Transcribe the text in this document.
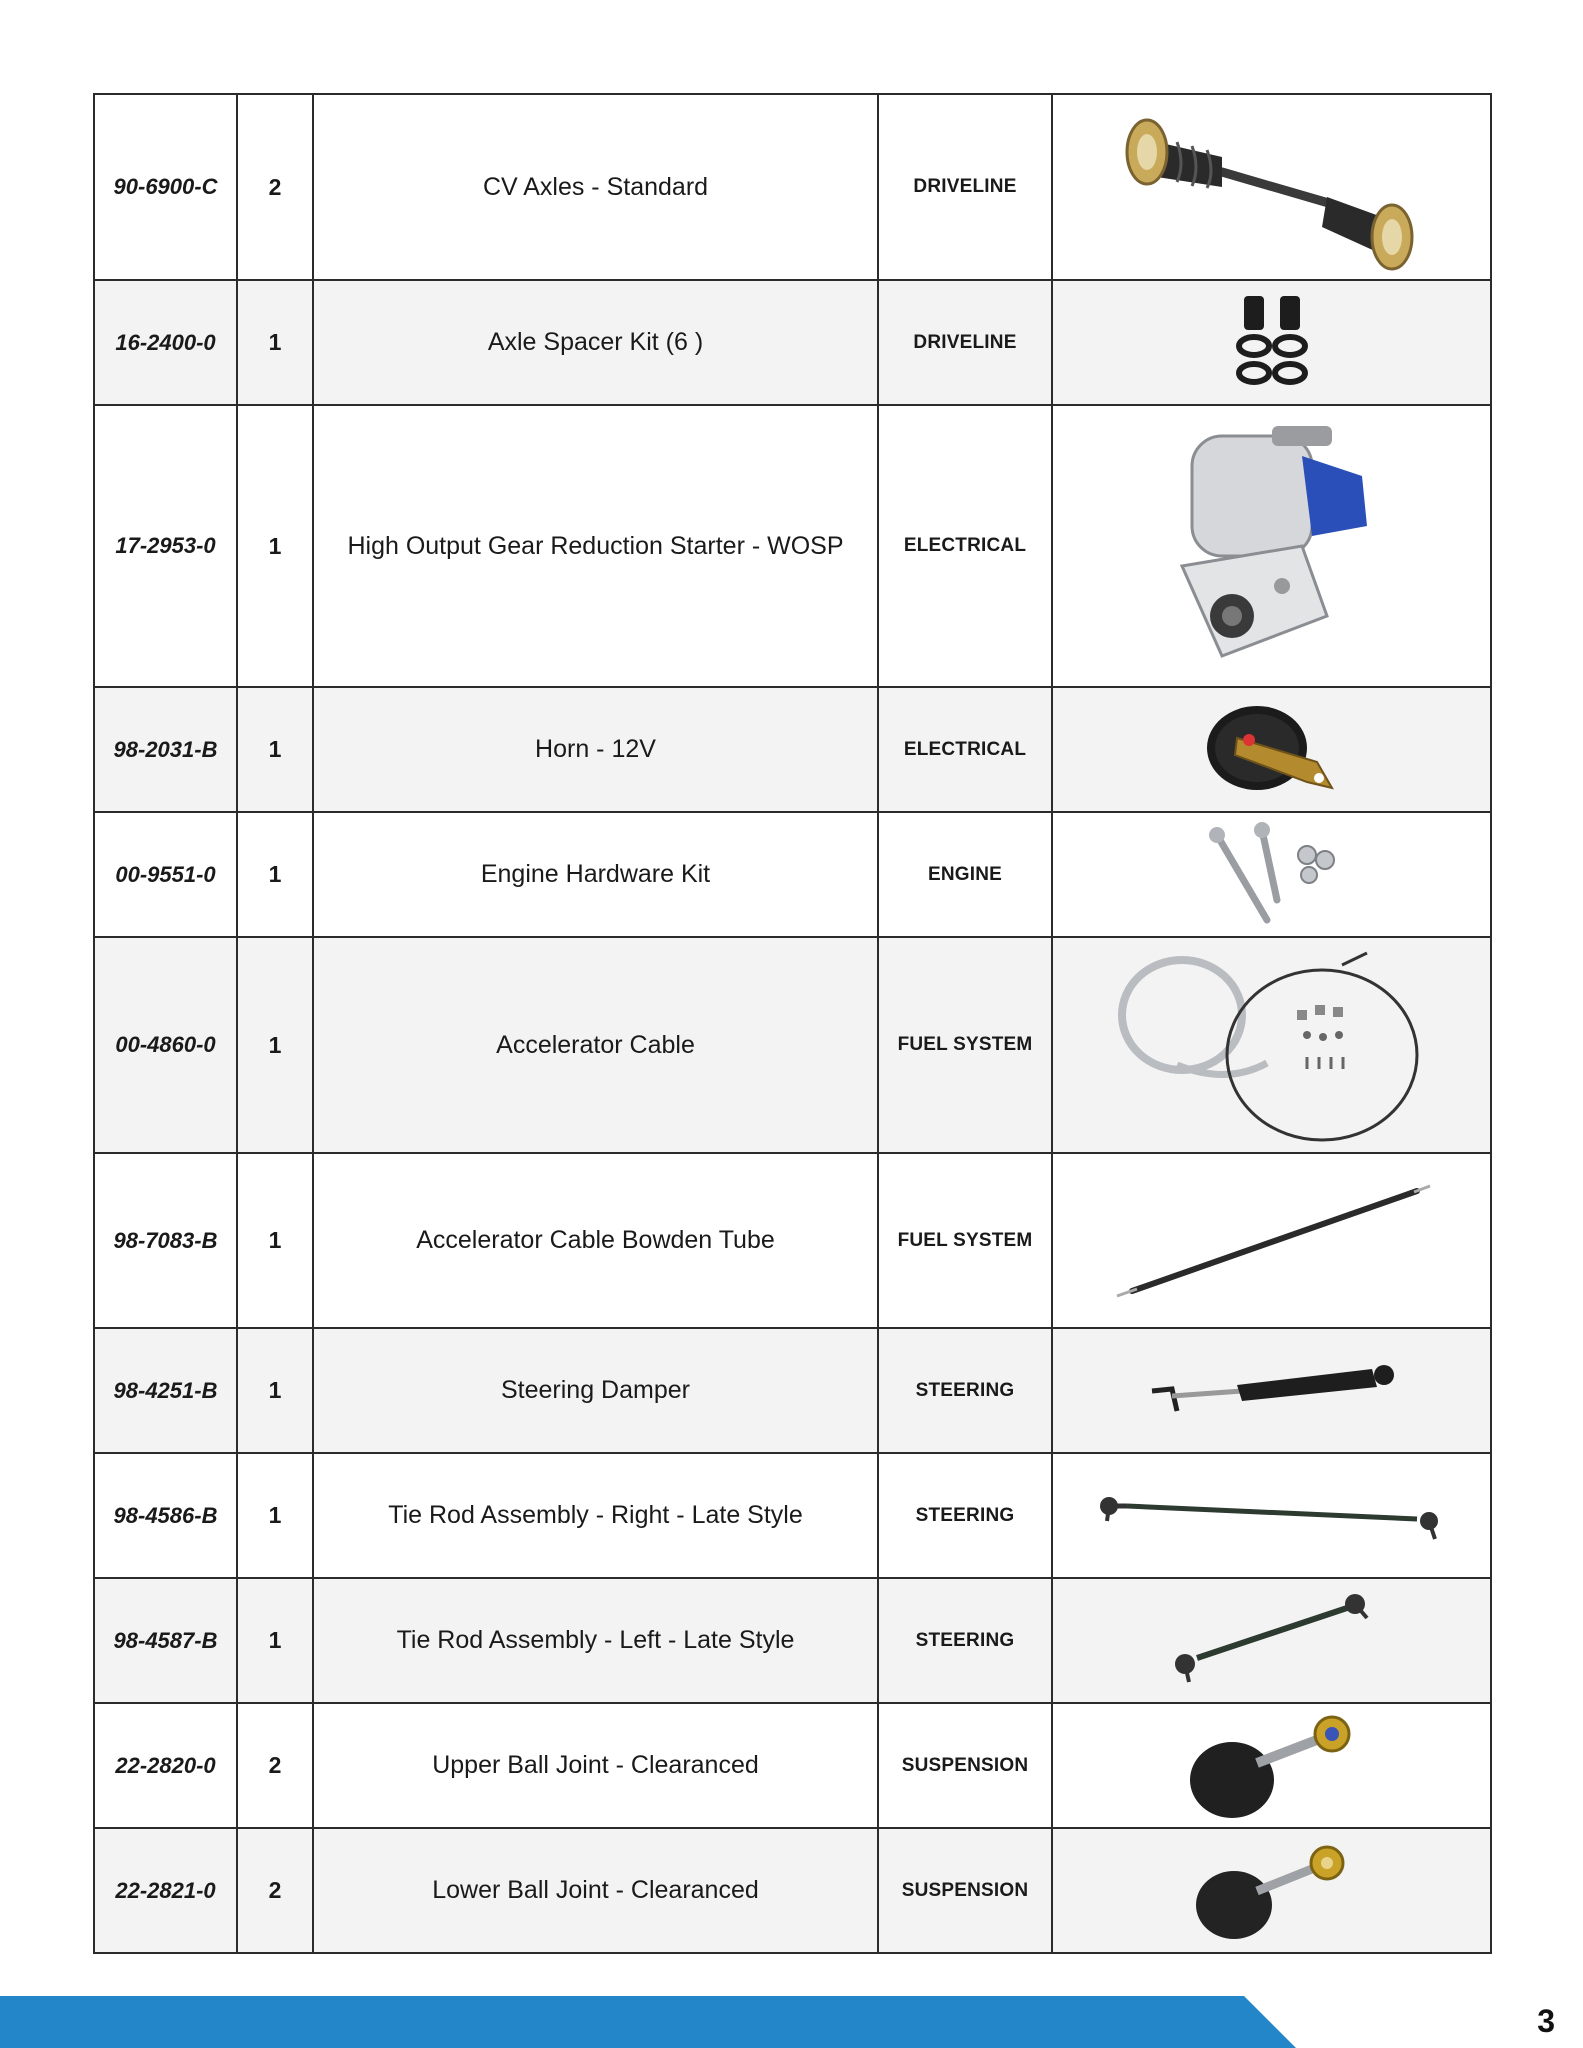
90-6900-C	2	CV Axles - Standard	DRIVELINE	

16-2400-0	1	Axle Spacer Kit (6 )	DRIVELINE	

17-2953-0	1	High Output Gear Reduction Starter - WOSP	ELECTRICAL	

98-2031-B	1	Horn - 12V	ELECTRICAL	

00-9551-0	1	Engine Hardware Kit	ENGINE	

00-4860-0	1	Accelerator Cable	FUEL SYSTEM	

98-7083-B	1	Accelerator Cable Bowden Tube	FUEL SYSTEM	

98-4251-B	1	Steering Damper	STEERING	

98-4586-B	1	Tie Rod Assembly - Right - Late Style	STEERING	

98-4587-B	1	Tie Rod Assembly - Left - Late Style	STEERING	

22-2820-0	2	Upper Ball Joint - Clearanced	SUSPENSION	

22-2821-0	2	Lower Ball Joint - Clearanced	SUSPENSION	
3
